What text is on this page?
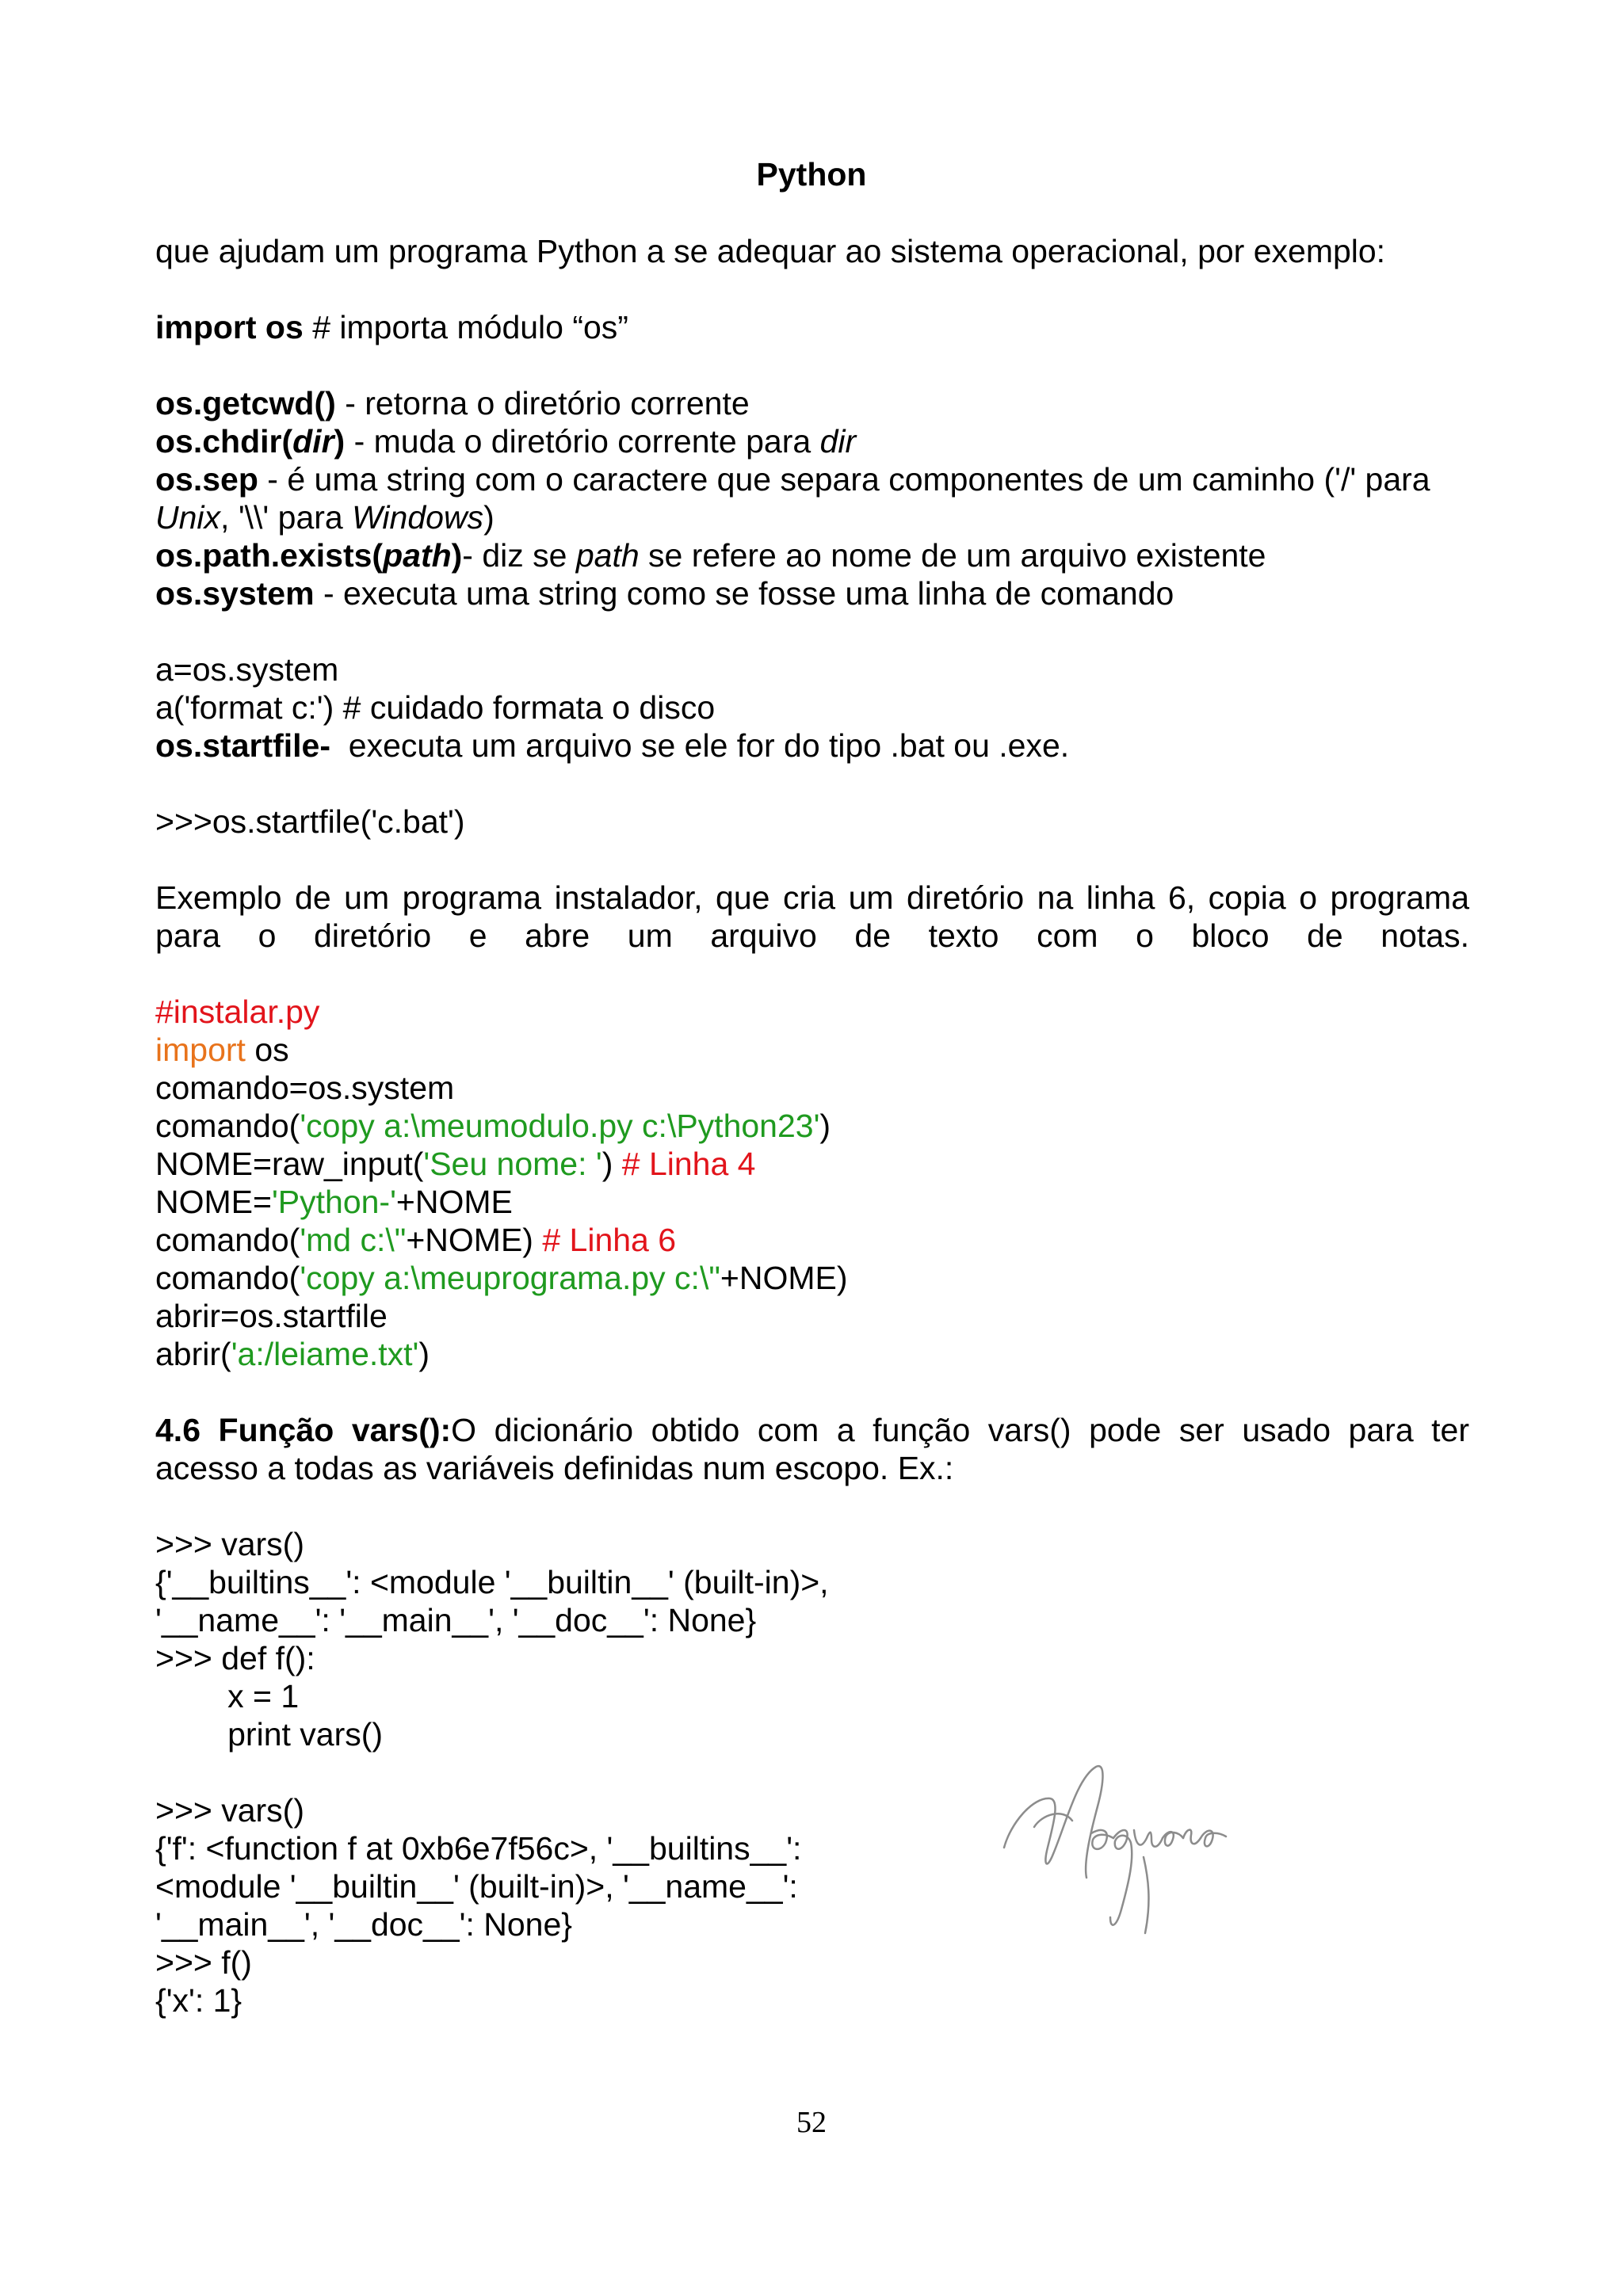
Python
que ajudam um programa Python a se adequar ao sistema operacional, por exemplo:
import os # importa módulo “os”
os.getcwd() - retorna o diretório corrente
os.chdir(dir) - muda o diretório corrente para dir
os.sep - é uma string com o caractere que separa componentes de um caminho ('/' para
Unix, '\\' para Windows)
os.path.exists(path)- diz se path se refere ao nome de um arquivo existente
os.system - executa uma string como se fosse uma linha de comando
a=os.system
a('format c:') # cuidado formata o disco
os.startfile-  executa um arquivo se ele for do tipo .bat ou .exe.
>>>os.startfile('c.bat')
Exemplo de um programa instalador, que cria um diretório na linha 6, copia o programa para o diretório e abre um arquivo de texto com o bloco de notas.
#instalar.py
import os
comando=os.system
comando('copy a:\meumodulo.py c:\Python23')
NOME=raw_input('Seu nome: ') # Linha 4
NOME='Python-'+NOME
comando('md c:\"+NOME) # Linha 6
comando('copy a:\meuprograma.py c:\"+NOME)
abrir=os.startfile
abrir('a:/leiame.txt')
4.6 Função vars():O dicionário obtido com a função vars() pode ser usado para ter
acesso a todas as variáveis definidas num escopo. Ex.:
>>> vars()
{'__builtins__': <module '__builtin__' (built-in)>,
'__name__': '__main__', '__doc__': None}
>>> def f():
x = 1
print vars()
>>> vars()
{'f': <function f at 0xb6e7f56c>, '__builtins__':
<module '__builtin__' (built-in)>, '__name__':
'__main__', '__doc__': None}
>>> f()
{'x': 1}
52
